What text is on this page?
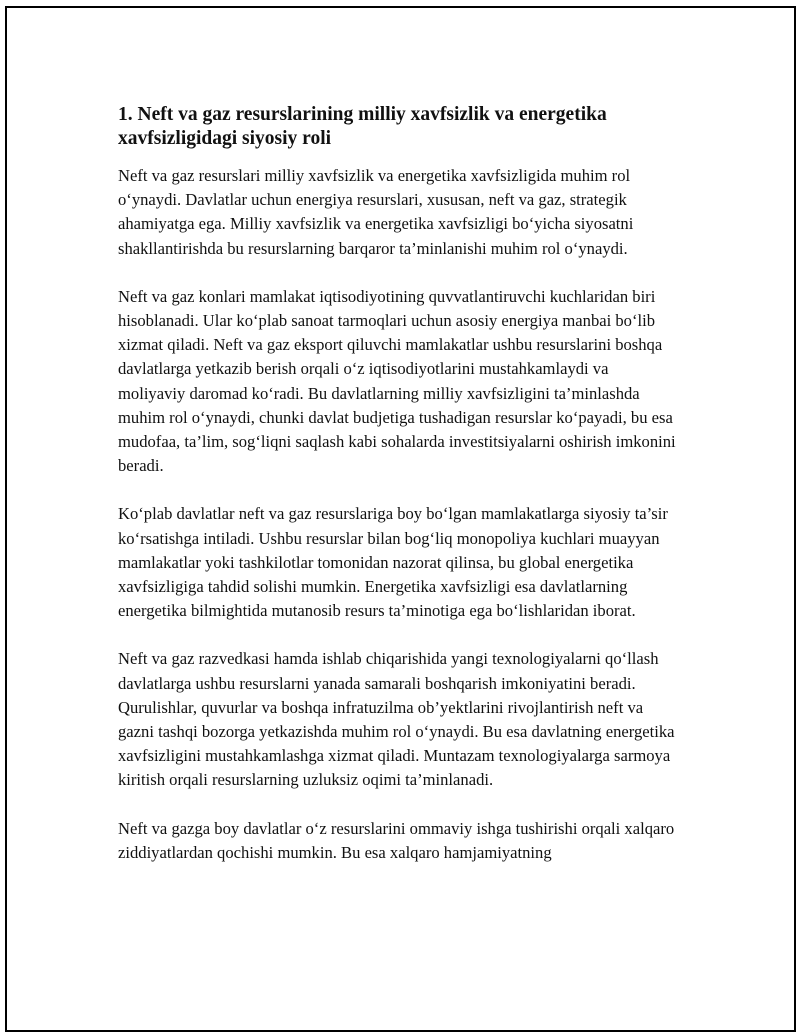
1. Neft va gaz resurslarining milliy xavfsizlik va energetika xavfsizligidagi siyosiy roli

Neft va gaz resurslari milliy xavfsizlik va energetika xavfsizligida muhim rol o‘ynaydi. Davlatlar uchun energiya resurslari, xususan, neft va gaz, strategik ahamiyatga ega. Milliy xavfsizlik va energetika xavfsizligi bo‘yicha siyosatni shakllantirishda bu resurslarning barqaror ta’minlanishi muhim rol o‘ynaydi.

Neft va gaz konlari mamlakat iqtisodiyotining quvvatlantiruvchi kuchlaridan biri hisoblanadi. Ular ko‘plab sanoat tarmoqlari uchun asosiy energiya manbai bo‘lib xizmat qiladi. Neft va gaz eksport qiluvchi mamlakatlar ushbu resurslarini boshqa davlatlarga yetkazib berish orqali o‘z iqtisodiyotlarini mustahkamlaydi va moliyaviy daromad ko‘radi. Bu davlatlarning milliy xavfsizligini ta’minlashda muhim rol o‘ynaydi, chunki davlat budjetiga tushadigan resurslar ko‘payadi, bu esa mudofaa, ta’lim, sog‘liqni saqlash kabi sohalarda investitsiyalarni oshirish imkonini beradi.

Ko‘plab davlatlar neft va gaz resurslariga boy bo‘lgan mamlakatlarga siyosiy ta’sir ko‘rsatishga intiladi. Ushbu resurslar bilan bog‘liq monopoliya kuchlari muayyan mamlakatlar yoki tashkilotlar tomonidan nazorat qilinsa, bu global energetika xavfsizligiga tahdid solishi mumkin. Energetika xavfsizligi esa davlatlarning energetika bilmightida mutanosib resurs ta’minotiga ega bo‘lishlaridan iborat.

Neft va gaz razvedkasi hamda ishlab chiqarishida yangi texnologiyalarni qo‘llash davlatlarga ushbu resurslarni yanada samarali boshqarish imkoniyatini beradi. Qurulishlar, quvurlar va boshqa infratuzilma ob’yektlarini rivojlantirish neft va gazni tashqi bozorga yetkazishda muhim rol o‘ynaydi. Bu esa davlatning energetika xavfsizligini mustahkamlashga xizmat qiladi. Muntazam texnologiyalarga sarmoya kiritish orqali resurslarning uzluksiz oqimi ta’minlanadi.

Neft va gazga boy davlatlar o‘z resurslarini ommaviy ishga tushirishi orqali xalqaro ziddiyatlardan qochishi mumkin. Bu esa xalqaro hamjamiyatning
